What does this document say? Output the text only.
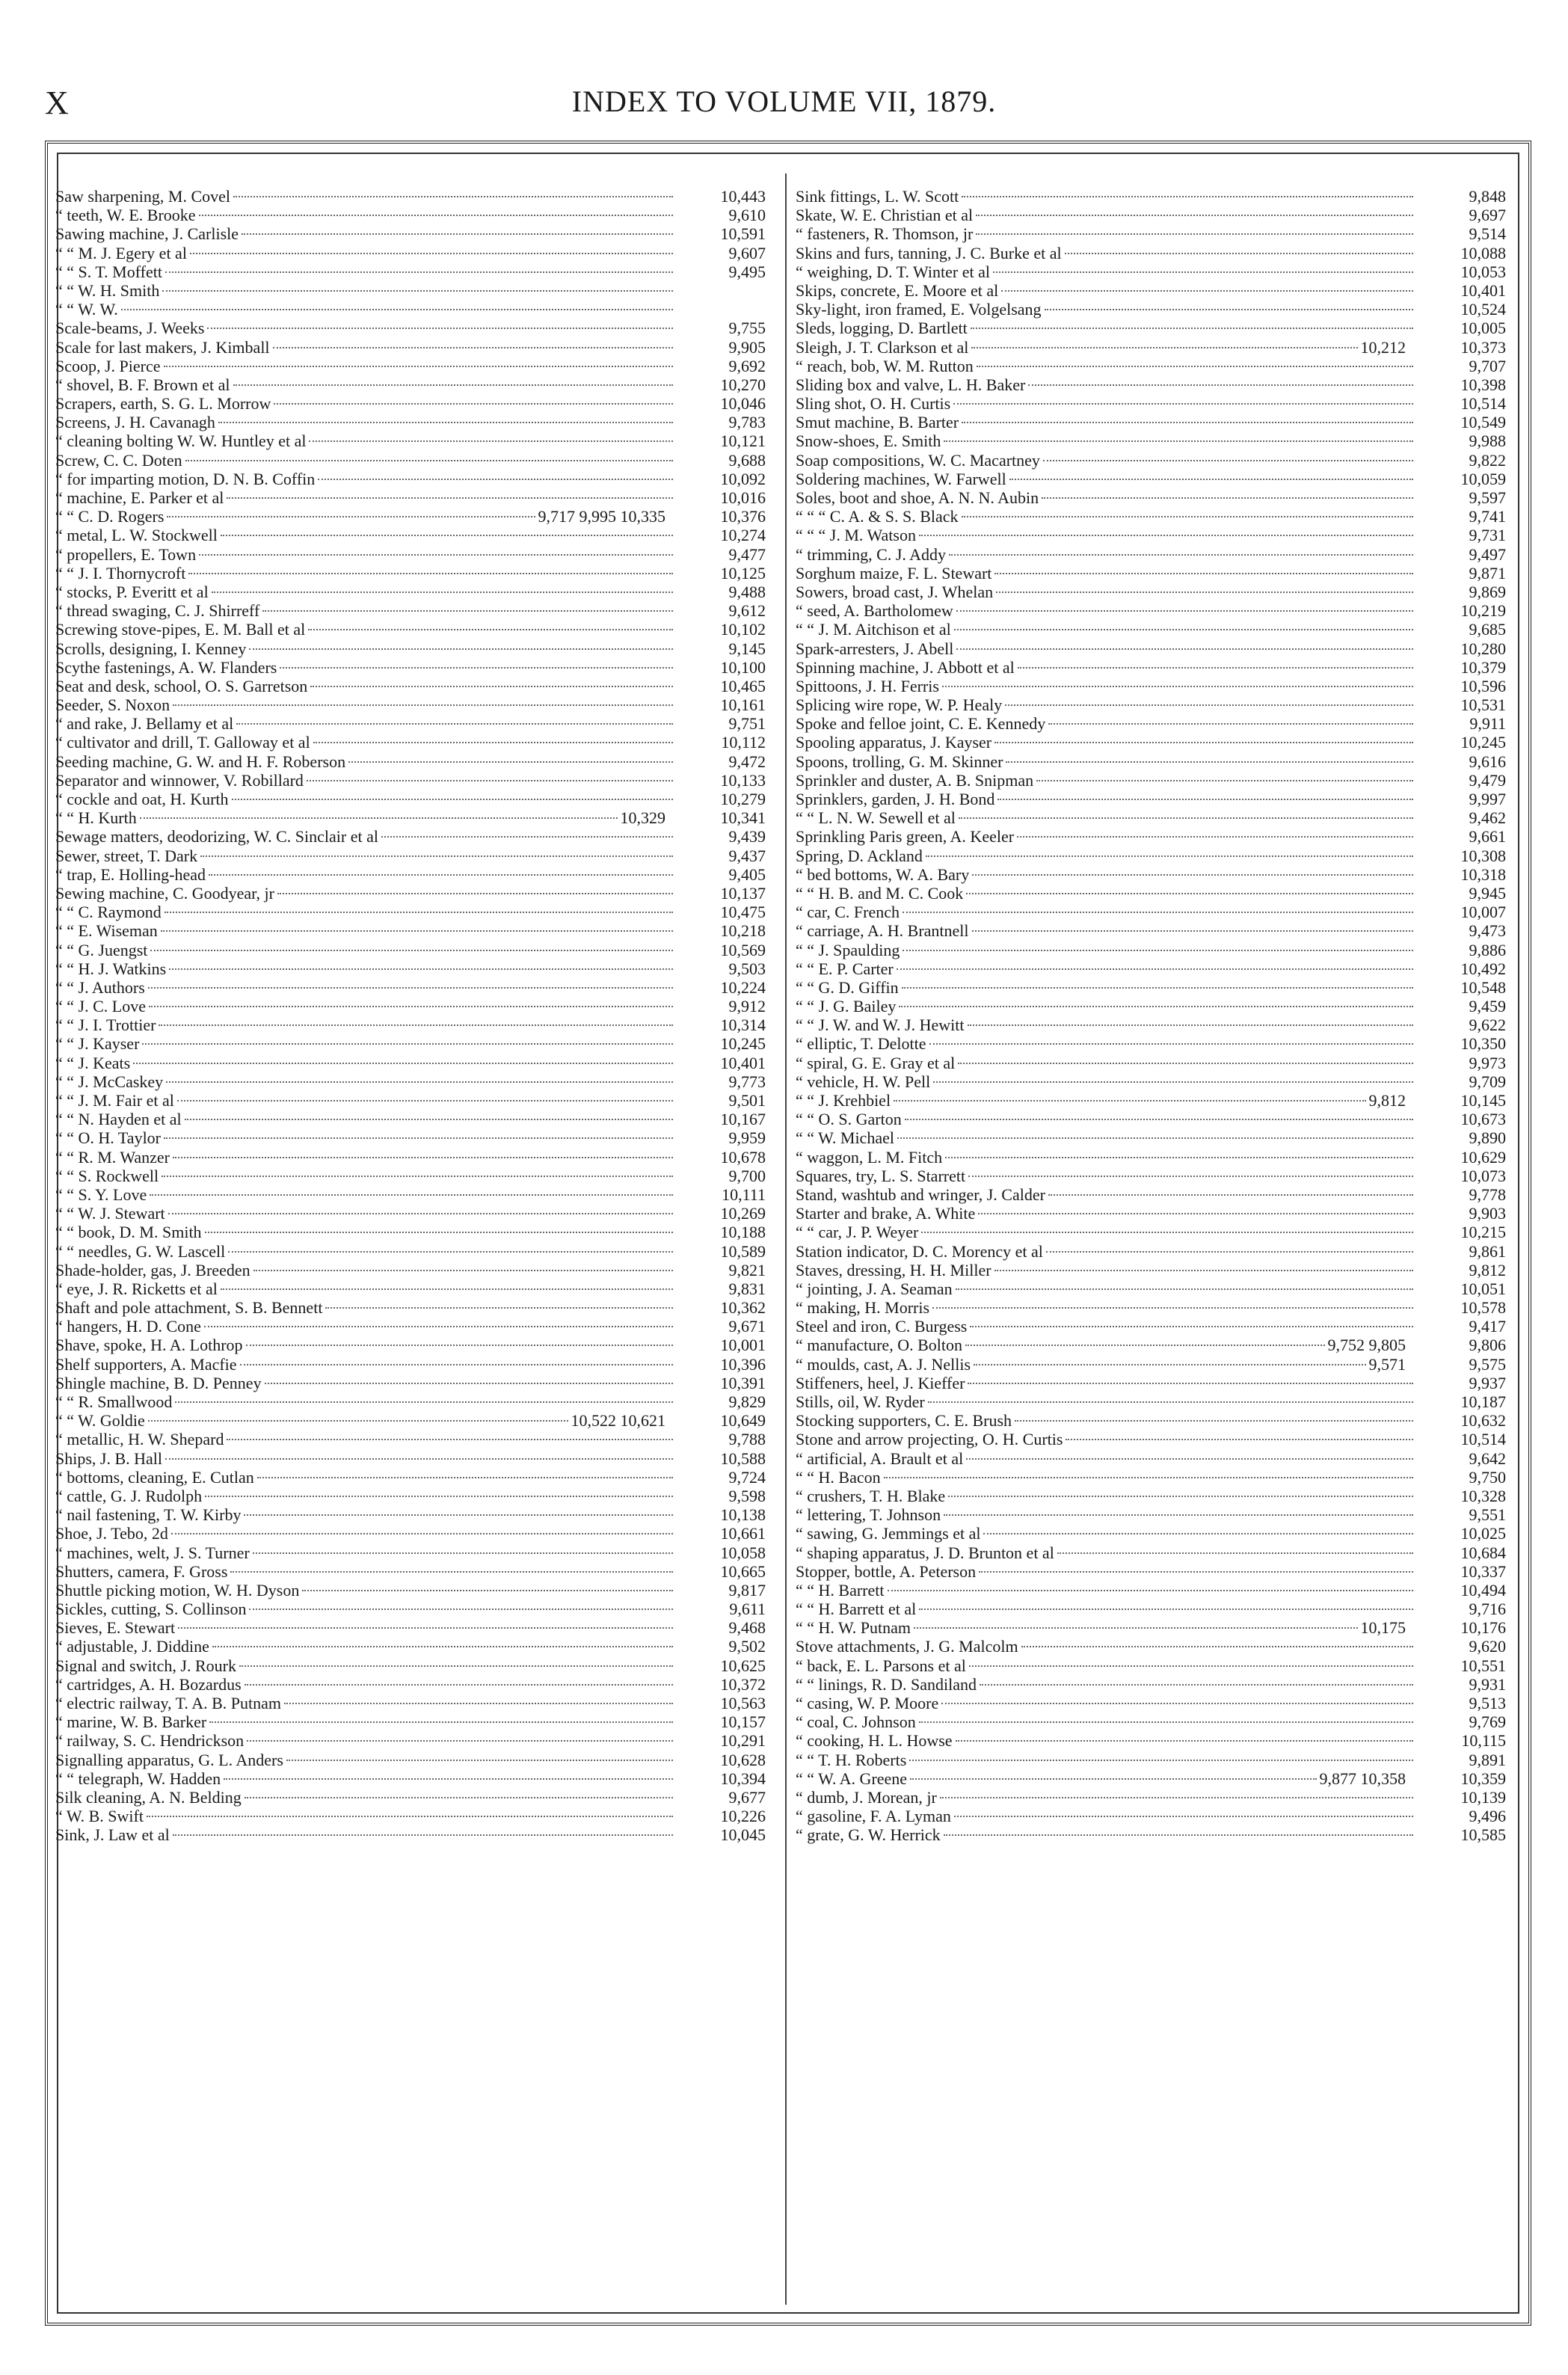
X	INDEX TO VOLUME VII, 1879.
Saw sharpening, M. Covel	10,443
“ teeth, W. E. Brooke	9,610
Sawing machine, J. Carlisle	10,591
“ “ M. J. Egery et al	9,607
“ “ S. T. Moffett	9,495
“ “ W. H. Smith
“ “ W. W.
Scale-beams, J. Weeks	9,755
Scale for last makers, J. Kimball	9,905
Scoop, J. Pierce	9,692
“ shovel, B. F. Brown et al	10,270
Scrapers, earth, S. G. L. Morrow	10,046
Screens, J. H. Cavanagh	9,783
“ cleaning bolting W. W. Huntley et al	10,121
Screw, C. C. Doten	9,688
“ for imparting motion, D. N. B. Coffin	10,092
“ machine, E. Parker et al	10,016
“ “ C. D. Rogers	9,717 9,995 10,335	10,376
“ metal, L. W. Stockwell	10,274
“ propellers, E. Town	9,477
“ “ J. I. Thornycroft	10,125
“ stocks, P. Everitt et al	9,488
“ thread swaging, C. J. Shirreff	9,612
Screwing stove-pipes, E. M. Ball et al	10,102
Scrolls, designing, I. Kenney	9,145
Scythe fastenings, A. W. Flanders	10,100
Seat and desk, school, O. S. Garretson	10,465
Seeder, S. Noxon	10,161
“ and rake, J. Bellamy et al	9,751
“ cultivator and drill, T. Galloway et al	10,112
Seeding machine, G. W. and H. F. Roberson	9,472
Separator and winnower, V. Robillard	10,133
“ cockle and oat, H. Kurth	10,279
“ “ H. Kurth	10,329	10,341
Sewage matters, deodorizing, W. C. Sinclair et al	9,439
Sewer, street, T. Dark	9,437
“ trap, E. Holling-head	9,405
Sewing machine, C. Goodyear, jr	10,137
“ “ C. Raymond	10,475
“ “ E. Wiseman	10,218
“ “ G. Juengst	10,569
“ “ H. J. Watkins	9,503
“ “ J. Authors	10,224
“ “ J. C. Love	9,912
“ “ J. I. Trottier	10,314
“ “ J. Kayser	10,245
“ “ J. Keats	10,401
“ “ J. McCaskey	9,773
“ “ J. M. Fair et al	9,501
“ “ N. Hayden et al	10,167
“ “ O. H. Taylor	9,959
“ “ R. M. Wanzer	10,678
“ “ S. Rockwell	9,700
“ “ S. Y. Love	10,111
“ “ W. J. Stewart	10,269
“ “ book, D. M. Smith	10,188
“ “ needles, G. W. Lascell	10,589
Shade-holder, gas, J. Breeden	9,821
“ eye, J. R. Ricketts et al	9,831
Shaft and pole attachment, S. B. Bennett	10,362
“ hangers, H. D. Cone	9,671
Shave, spoke, H. A. Lothrop	10,001
Shelf supporters, A. Macfie	10,396
Shingle machine, B. D. Penney	10,391
“ “ R. Smallwood	9,829
“ “ W. Goldie	10,522 10,621	10,649
“ metallic, H. W. Shepard	9,788
Ships, J. B. Hall	10,588
“ bottoms, cleaning, E. Cutlan	9,724
“ cattle, G. J. Rudolph	9,598
“ nail fastening, T. W. Kirby	10,138
Shoe, J. Tebo, 2d	10,661
“ machines, welt, J. S. Turner	10,058
Shutters, camera, F. Gross	10,665
Shuttle picking motion, W. H. Dyson	9,817
Sickles, cutting, S. Collinson	9,611
Sieves, E. Stewart	9,468
“ adjustable, J. Diddine	9,502
Signal and switch, J. Rourk	10,625
“ cartridges, A. H. Bozardus	10,372
“ electric railway, T. A. B. Putnam	10,563
“ marine, W. B. Barker	10,157
“ railway, S. C. Hendrickson	10,291
Signalling apparatus, G. L. Anders	10,628
“ “ telegraph, W. Hadden	10,394
Silk cleaning, A. N. Belding	9,677
“ W. B. Swift	10,226
Sink, J. Law et al	10,045
Sink fittings, L. W. Scott	9,848
Skate, W. E. Christian et al	9,697
“ fasteners, R. Thomson, jr	9,514
Skins and furs, tanning, J. C. Burke et al	10,088
“ weighing, D. T. Winter et al	10,053
Skips, concrete, E. Moore et al	10,401
Sky-light, iron framed, E. Volgelsang	10,524
Sleds, logging, D. Bartlett	10,005
Sleigh, J. T. Clarkson et al	10,212	10,373
“ reach, bob, W. M. Rutton	9,707
Sliding box and valve, L. H. Baker	10,398
Sling shot, O. H. Curtis	10,514
Smut machine, B. Barter	10,549
Snow-shoes, E. Smith	9,988
Soap compositions, W. C. Macartney	9,822
Soldering machines, W. Farwell	10,059
Soles, boot and shoe, A. N. N. Aubin	9,597
“ “ “ C. A. & S. S. Black	9,741
“ “ “ J. M. Watson	9,731
“ trimming, C. J. Addy	9,497
Sorghum maize, F. L. Stewart	9,871
Sowers, broad cast, J. Whelan	9,869
“ seed, A. Bartholomew	10,219
“ “ J. M. Aitchison et al	9,685
Spark-arresters, J. Abell	10,280
Spinning machine, J. Abbott et al	10,379
Spittoons, J. H. Ferris	10,596
Splicing wire rope, W. P. Healy	10,531
Spoke and felloe joint, C. E. Kennedy	9,911
Spooling apparatus, J. Kayser	10,245
Spoons, trolling, G. M. Skinner	9,616
Sprinkler and duster, A. B. Snipman	9,479
Sprinklers, garden, J. H. Bond	9,997
“ “ L. N. W. Sewell et al	9,462
Sprinkling Paris green, A. Keeler	9,661
Spring, D. Ackland	10,308
“ bed bottoms, W. A. Bary	10,318
“ “ H. B. and M. C. Cook	9,945
“ car, C. French	10,007
“ carriage, A. H. Brantnell	9,473
“ “ J. Spaulding	9,886
“ “ E. P. Carter	10,492
“ “ G. D. Giffin	10,548
“ “ J. G. Bailey	9,459
“ “ J. W. and W. J. Hewitt	9,622
“ elliptic, T. Delotte	10,350
“ spiral, G. E. Gray et al	9,973
“ vehicle, H. W. Pell	9,709
“ “ J. Krehbiel	9,812	10,145
“ “ O. S. Garton	10,673
“ “ W. Michael	9,890
“ waggon, L. M. Fitch	10,629
Squares, try, L. S. Starrett	10,073
Stand, washtub and wringer, J. Calder	9,778
Starter and brake, A. White	9,903
“ “ car, J. P. Weyer	10,215
Station indicator, D. C. Morency et al	9,861
Staves, dressing, H. H. Miller	9,812
“ jointing, J. A. Seaman	10,051
“ making, H. Morris	10,578
Steel and iron, C. Burgess	9,417
“ manufacture, O. Bolton	9,752 9,805	9,806
“ moulds, cast, A. J. Nellis	9,571	9,575
Stiffeners, heel, J. Kieffer	9,937
Stills, oil, W. Ryder	10,187
Stocking supporters, C. E. Brush	10,632
Stone and arrow projecting, O. H. Curtis	10,514
“ artificial, A. Brault et al	9,642
“ “ H. Bacon	9,750
“ crushers, T. H. Blake	10,328
“ lettering, T. Johnson	9,551
“ sawing, G. Jemmings et al	10,025
“ shaping apparatus, J. D. Brunton et al	10,684
Stopper, bottle, A. Peterson	10,337
“ “ H. Barrett	10,494
“ “ H. Barrett et al	9,716
“ “ H. W. Putnam	10,175	10,176
Stove attachments, J. G. Malcolm	9,620
“ back, E. L. Parsons et al	10,551
“ “ linings, R. D. Sandiland	9,931
“ casing, W. P. Moore	9,513
“ coal, C. Johnson	9,769
“ cooking, H. L. Howse	10,115
“ “ T. H. Roberts	9,891
“ “ W. A. Greene	9,877 10,358	10,359
“ dumb, J. Morean, jr	10,139
“ gasoline, F. A. Lyman	9,496
“ grate, G. W. Herrick	10,585
